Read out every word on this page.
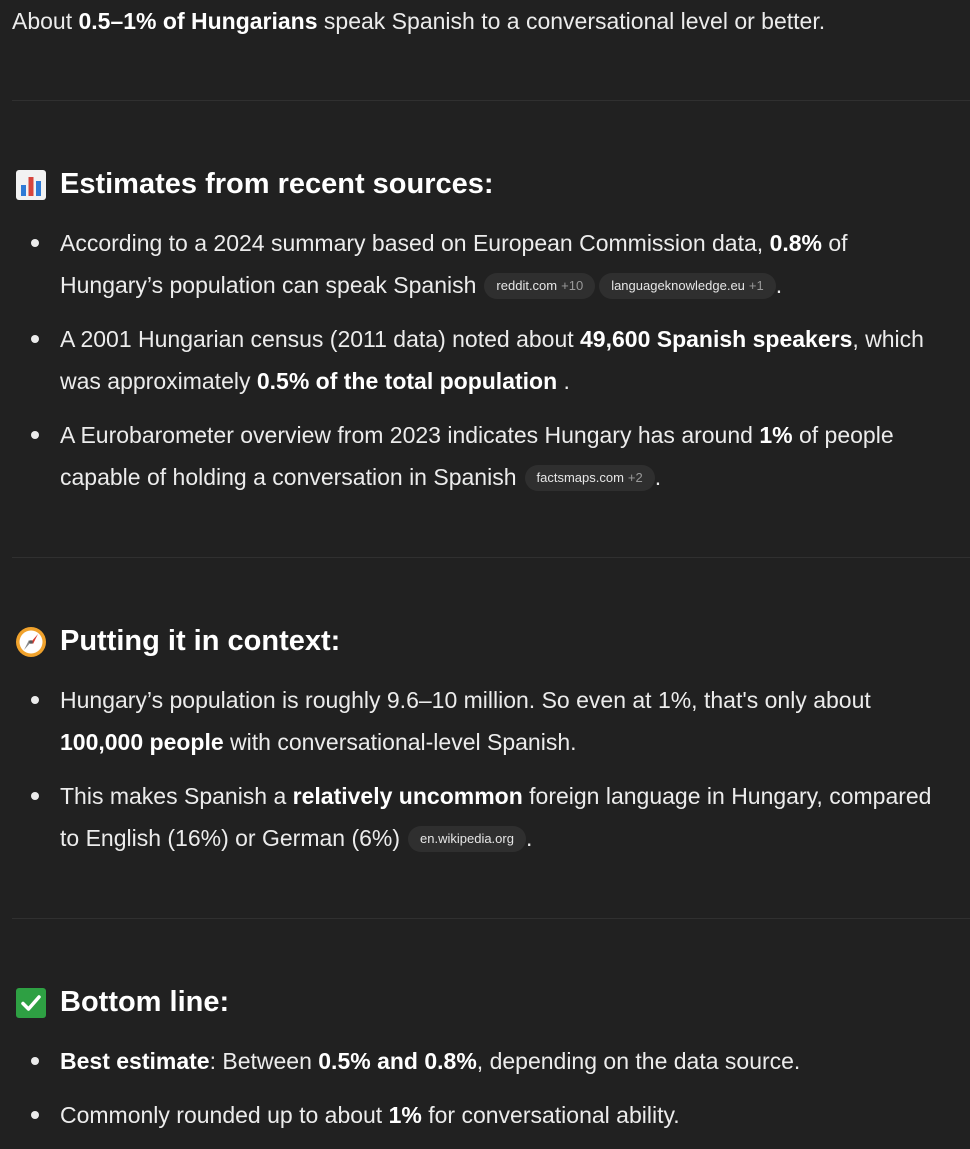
About 0.5–1% of Hungarians speak Spanish to a conversational level or better.
Estimates from recent sources:
According to a 2024 summary based on European Commission data, 0.8% of Hungary’s population can speak Spanish reddit.com +10 languageknowledge.eu +1 .
A 2001 Hungarian census (2011 data) noted about 49,600 Spanish speakers, which was approximately 0.5% of the total population .
A Eurobarometer overview from 2023 indicates Hungary has around 1% of people capable of holding a conversation in Spanish factsmaps.com +2 .
Putting it in context:
Hungary’s population is roughly 9.6–10 million. So even at 1%, that's only about 100,000 people with conversational-level Spanish.
This makes Spanish a relatively uncommon foreign language in Hungary, compared to English (16%) or German (6%) en.wikipedia.org .
Bottom line:
Best estimate: Between 0.5% and 0.8%, depending on the data source.
Commonly rounded up to about 1% for conversational ability.
